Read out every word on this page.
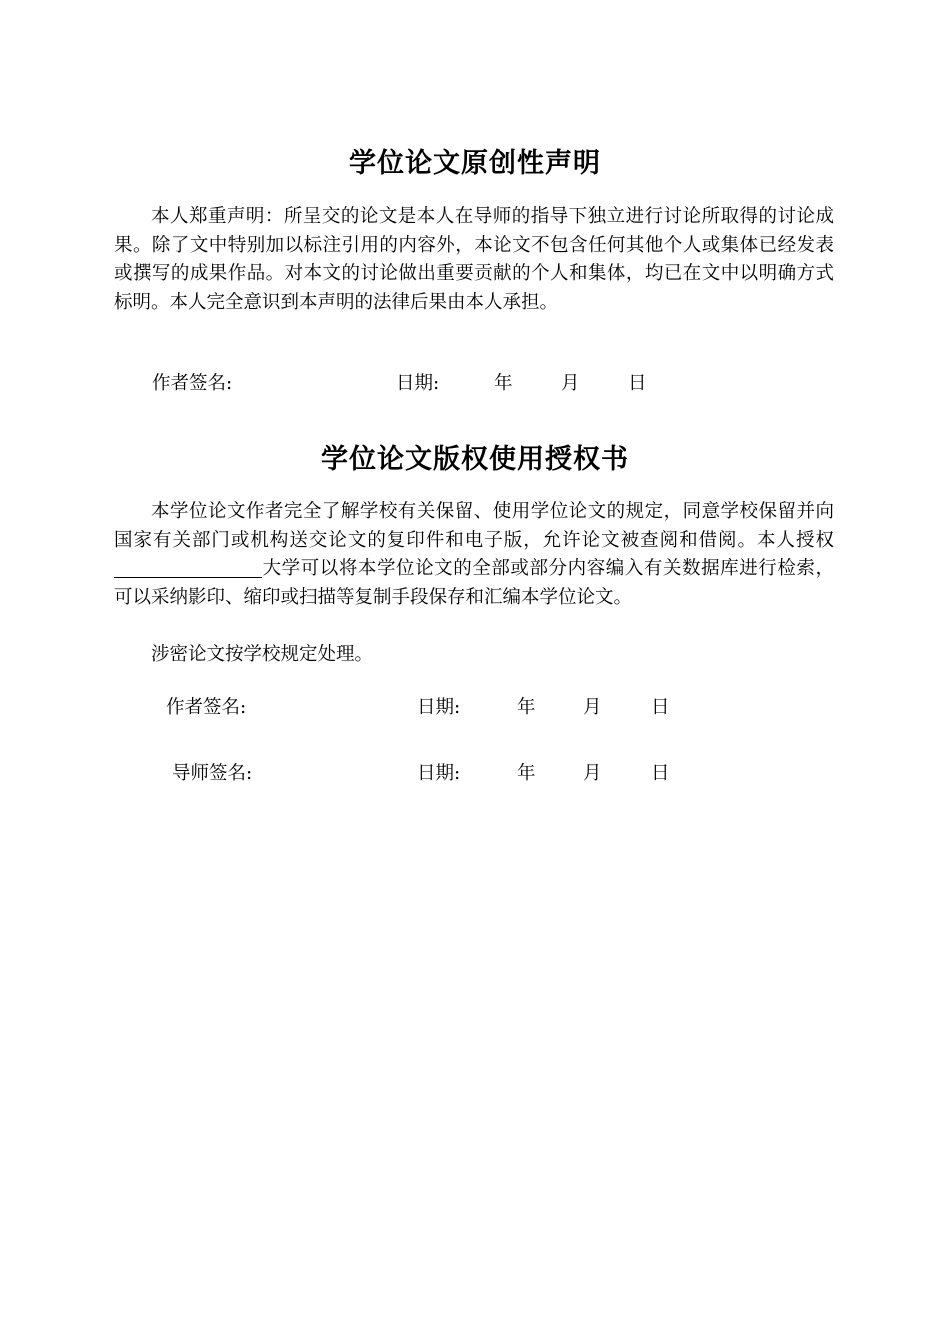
学位论文原创性声明

本人郑重声明：所呈交的论文是本人在导师的指导下独立进行讨论所取得的讨论成果。除了文中特别加以标注引用的内容外，本论文不包含任何其他个人或集体已经发表或撰写的成果作品。对本文的讨论做出重要贡献的个人和集体，均已在文中以明确方式标明。本人完全意识到本声明的法律后果由本人承担。

作者签名:	日期:	年	月	日
学位论文版权使用授权书

本学位论文作者完全了解学校有关保留、使用学位论文的规定，同意学校保留并向国家有关部门或机构送交论文的复印件和电子版，允许论文被查阅和借阅。本人授权大学可以将本学位论文的全部或部分内容编入有关数据库进行检索，可以采纳影印、缩印或扫描等复制手段保存和汇编本学位论文。

涉密论文按学校规定处理。

作者签名:	日期:	年	月	日
导师签名:	日期:	年	月	日
